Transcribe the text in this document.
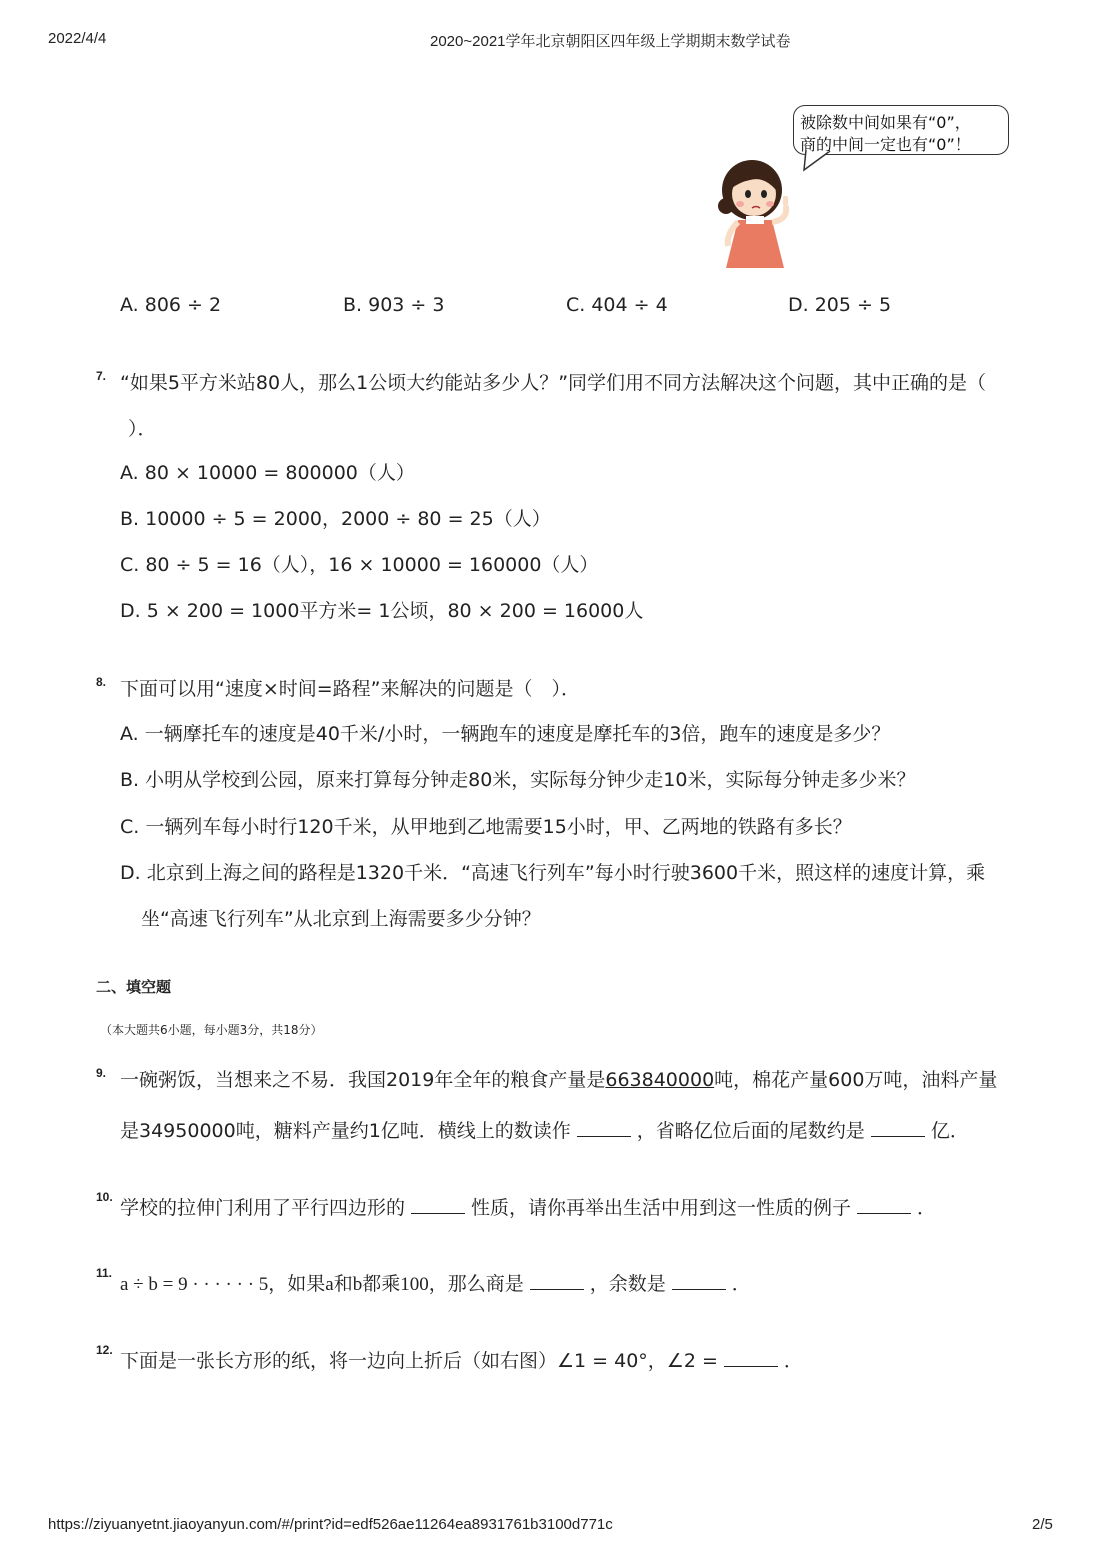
2022/4/4	2020~2021学年北京朝阳区四年级上学期期末数学试卷
被除数中间如果有“0”，
商的中间一定也有“0”！
A. 806 ÷ 2	B. 903 ÷ 3	C. 404 ÷ 4	D. 205 ÷ 5
7. “如果5平方米站80人，那么1公顷大约能站多少人？”同学们用不同方法解决这个问题，其中正确的是（
）．
A. 80 × 10000 = 800000（人）
B. 10000 ÷ 5 = 2000，2000 ÷ 80 = 25（人）
C. 80 ÷ 5 = 16（人），16 × 10000 = 160000（人）
D. 5 × 200 = 1000平方米= 1公顷，80 × 200 = 16000人
8. 下面可以用“速度×时间=路程”来解决的问题是（　）．
A. 一辆摩托车的速度是40千米/小时，一辆跑车的速度是摩托车的3倍，跑车的速度是多少？
B. 小明从学校到公园，原来打算每分钟走80米，实际每分钟少走10米，实际每分钟走多少米？
C. 一辆列车每小时行120千米，从甲地到乙地需要15小时，甲、乙两地的铁路有多长？
D. 北京到上海之间的路程是1320千米．“高速飞行列车”每小时行驶3600千米，照这样的速度计算，乘
坐“高速飞行列车”从北京到上海需要多少分钟？
二、填空题
（本大题共6小题，每小题3分，共18分）
9. 一碗粥饭，当想来之不易．我国2019年全年的粮食产量是663840000吨，棉花产量600万吨，油料产量
是34950000吨，糖料产量约1亿吨．横线上的数读作	，省略亿位后面的尾数约是	亿．
10. 学校的拉伸门利用了平行四边形的	性质，请你再举出生活中用到这一性质的例子	．
11.
a ÷ b = 9 · · · · · · 5，如果a和b都乘100，那么商是	，余数是	．
12. 下面是一张长方形的纸，将一边向上折后（如右图）∠1 = 40°，∠2 =	．
https://ziyuanyetnt.jiaoyanyun.com/#/print?id=edf526ae11264ea8931761b3100d771c	2/5
